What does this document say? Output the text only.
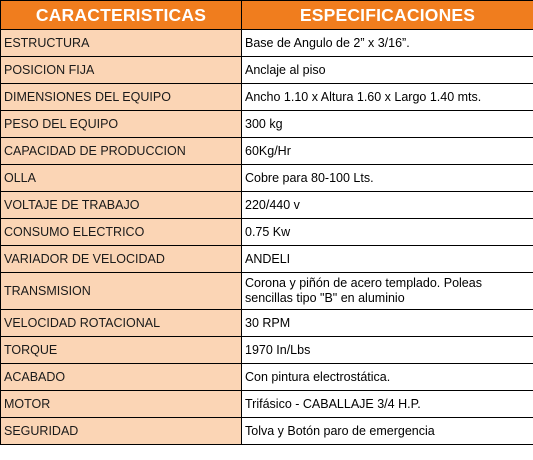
CARACTERISTICAS	ESPECIFICACIONES
ESTRUCTURA	Base de Angulo de 2” x 3/16”.
POSICION FIJA	Anclaje al piso
DIMENSIONES DEL EQUIPO	Ancho 1.10 x Altura 1.60 x Largo 1.40 mts.
PESO DEL EQUIPO	300 kg
CAPACIDAD DE PRODUCCION	60Kg/Hr
OLLA	Cobre para 80-100 Lts.
VOLTAJE DE TRABAJO	220/440 v
CONSUMO ELECTRICO	0.75 Kw
VARIADOR DE VELOCIDAD	ANDELI
TRANSMISION	Corona y piñón de acero templado. Poleas sencillas tipo "B" en aluminio
VELOCIDAD ROTACIONAL	30 RPM
TORQUE	1970 In/Lbs
ACABADO	Con pintura electrostática.
MOTOR	Trifásico - CABALLAJE 3/4 H.P.
SEGURIDAD	Tolva y Botón paro de emergencia
